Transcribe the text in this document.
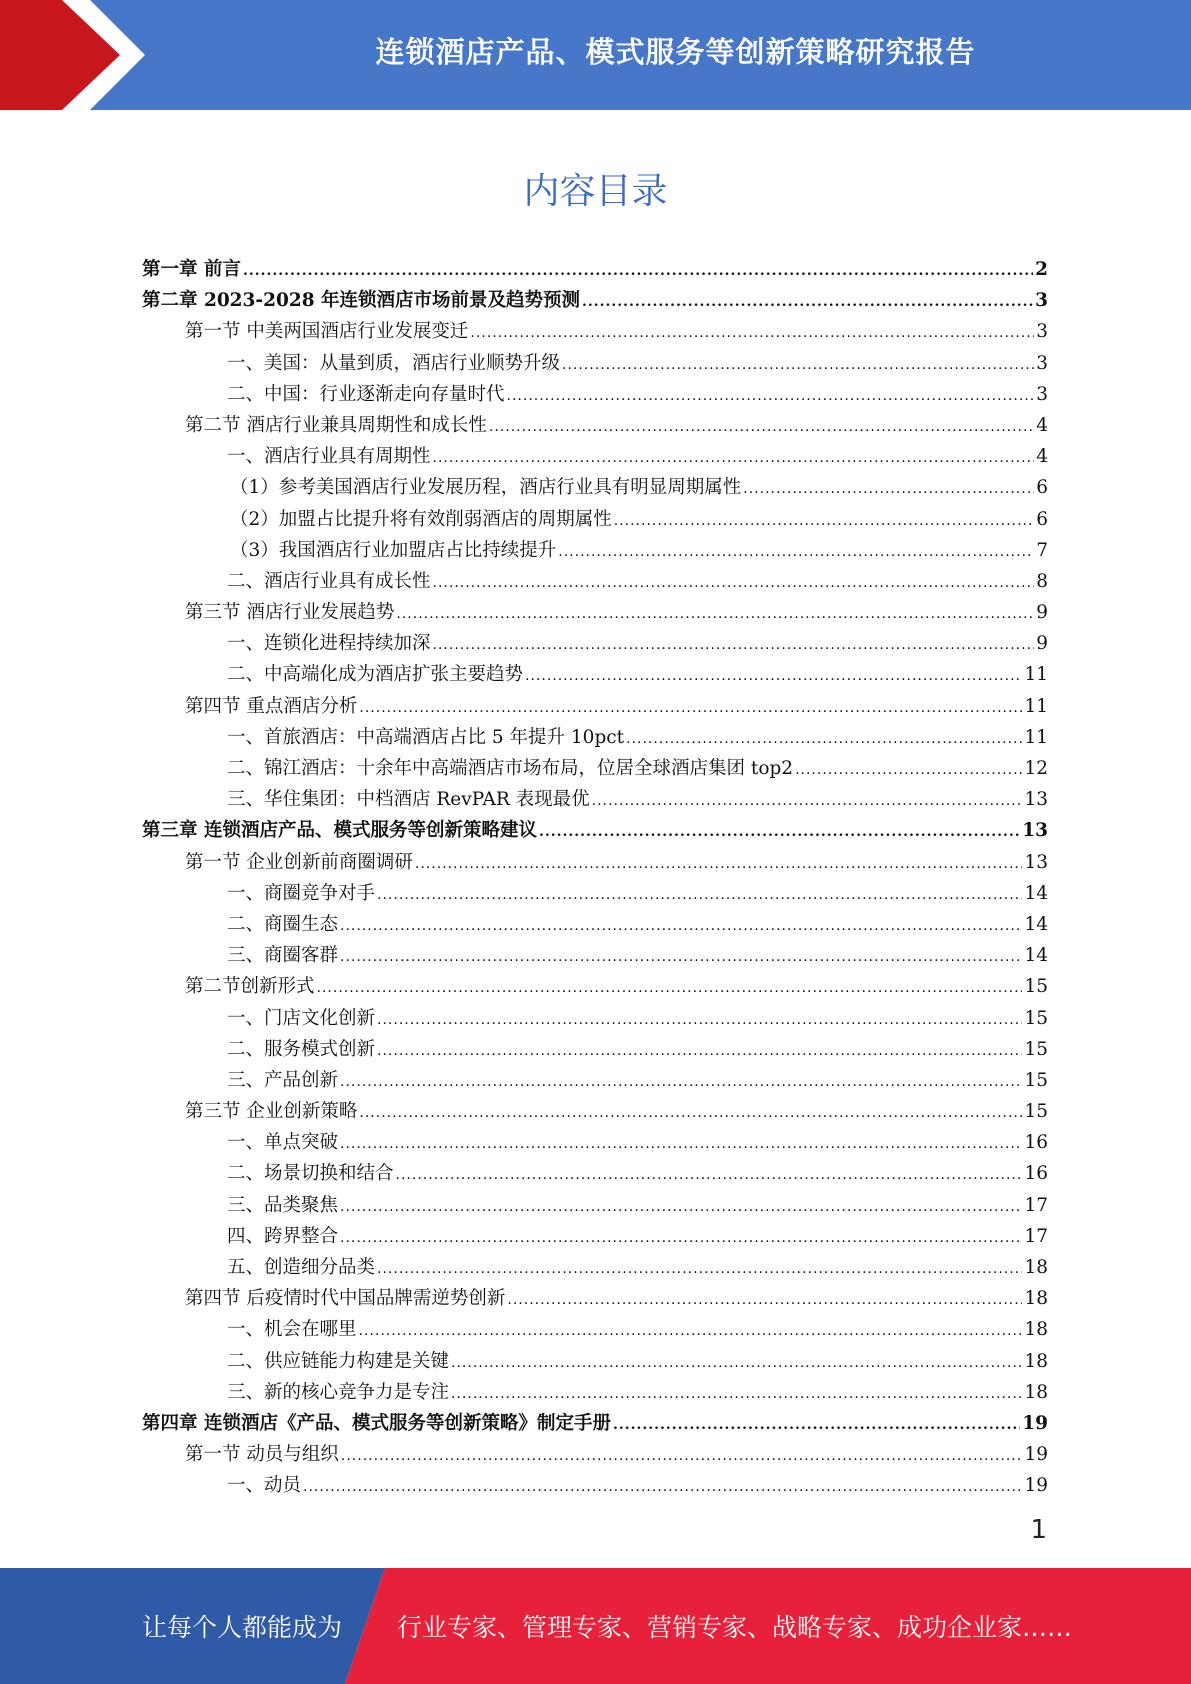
连锁酒店产品、模式服务等创新策略研究报告
内容目录
第一章 前言 .....	2
第二章 2023-2028 年连锁酒店市场前景及趋势预测 .....	3
第一节 中美两国酒店行业发展变迁 .....	3
一、美国：从量到质，酒店行业顺势升级 .....	3
二、中国：行业逐渐走向存量时代 .....	3
第二节 酒店行业兼具周期性和成长性 .....	4
一、酒店行业具有周期性 .....	4
（1）参考美国酒店行业发展历程，酒店行业具有明显周期属性 .....	6
（2）加盟占比提升将有效削弱酒店的周期属性 .....	6
（3）我国酒店行业加盟店占比持续提升 .....	7
二、酒店行业具有成长性 .....	8
第三节 酒店行业发展趋势 .....	9
一、连锁化进程持续加深 .....	9
二、中高端化成为酒店扩张主要趋势 .....	11
第四节 重点酒店分析 .....	11
一、首旅酒店：中高端酒店占比 5 年提升 10pct .....	11
二、锦江酒店：十余年中高端酒店市场布局，位居全球酒店集团 top2 .....	12
三、华住集团：中档酒店 RevPAR 表现最优 .....	13
第三章 连锁酒店产品、模式服务等创新策略建议 .....	13
第一节 企业创新前商圈调研 .....	13
一、商圈竞争对手 .....	14
二、商圈生态 .....	14
三、商圈客群 .....	14
第二节创新形式 .....	15
一、门店文化创新 .....	15
二、服务模式创新 .....	15
三、产品创新 .....	15
第三节 企业创新策略 .....	15
一、单点突破 .....	16
二、场景切换和结合 .....	16
三、品类聚焦 .....	17
四、跨界整合 .....	17
五、创造细分品类 .....	18
第四节 后疫情时代中国品牌需逆势创新 .....	18
一、机会在哪里 .....	18
二、供应链能力构建是关键 .....	18
三、新的核心竞争力是专注 .....	18
第四章 连锁酒店《产品、模式服务等创新策略》制定手册 .....	19
第一节 动员与组织 .....	19
一、动员 .....	19
1
让每个人都能成为 行业专家、管理专家、营销专家、战略专家、成功企业家……
